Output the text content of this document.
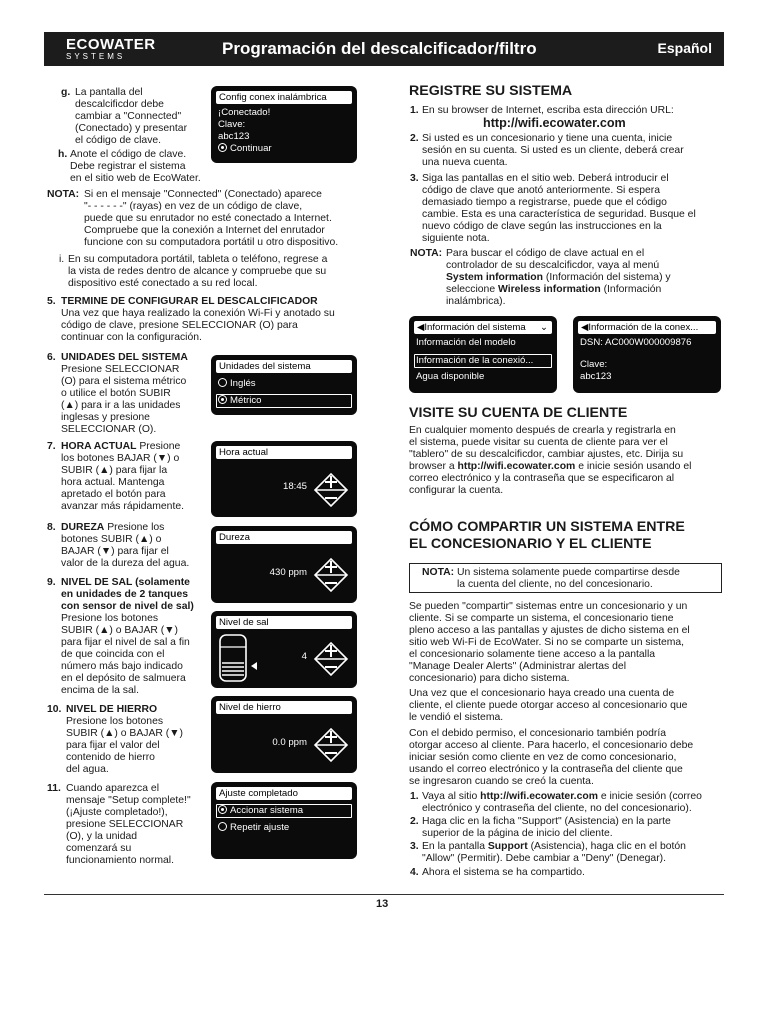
ECOWATER
SYSTEMS	Programación del descalcificador/filtro	Español
g. La pantalla del
descalcificdor debe
cambiar a "Connected"
(Conectado) y presentar
el código de clave.
h. Anote el código de clave.
Debe registrar el sistema
en el sitio web de EcoWater.
Config conex inalámbrica
¡Conectado!
Clave:
abc123
Continuar
NOTA: Si en el mensaje "Connected" (Conectado) aparece
"- - - - - -" (rayas) en vez de un código de clave,
puede que su enrutador no esté conectado a Internet.
Compruebe que la conexión a Internet del enrutador
funcione con su computadora portátil u otro dispositivo.
i. En su computadora portátil, tableta o teléfono, regrese a
la vista de redes dentro de alcance y compruebe que su
dispositivo esté conectado a su red local.
5. TERMINE DE CONFIGURAR EL DESCALCIFICADOR
Una vez que haya realizado la conexión Wi-Fi y anotado su
código de clave, presione SELECCIONAR (O) para
continuar con la configuración.
6. UNIDADES DEL SISTEMA
Presione SELECCIONAR
(O) para el sistema métrico
o utilice el botón SUBIR
(▲) para ir a las unidades
inglesas y presione
SELECCIONAR (O).
Unidades del sistema
Inglés
Métrico
7. HORA ACTUAL Presione
los botones BAJAR (▼) o
SUBIR (▲) para fijar la
hora actual. Mantenga
apretado el botón para
avanzar más rápidamente.
Hora actual
18:45
8. DUREZA Presione los
botones SUBIR (▲) o
BAJAR (▼) para fijar el
valor de la dureza del agua.
Dureza
430 ppm
9. NIVEL DE SAL (solamente
en unidades de 2 tanques
con sensor de nivel de sal)
Presione los botones
SUBIR (▲) o BAJAR (▼)
para fijar el nivel de sal a fin
de que coincida con el
número más bajo indicado
en el depósito de salmuera
encima de la sal.
Nivel de sal
4
10. NIVEL DE HIERRO
Presione los botones
SUBIR (▲) o BAJAR (▼)
para fijar el valor del
contenido de hierro
del agua.
Nivel de hierro
0.0 ppm
11. Cuando aparezca el
mensaje "Setup complete!"
(¡Ajuste completado!),
presione SELECCIONAR
(O), y la unidad
comenzará su
funcionamiento normal.
Ajuste completado
Accionar sistema
Repetir ajuste
REGISTRE SU SISTEMA
1. En su browser de Internet, escriba esta dirección URL:
http://wifi.ecowater.com
2. Si usted es un concesionario y tiene una cuenta, inicie
sesión en su cuenta. Si usted es un cliente, deberá crear
una nueva cuenta.
3. Siga las pantallas en el sitio web. Deberá introducir el
código de clave que anotó anteriormente. Si espera
demasiado tiempo a registrarse, puede que el código
cambie. Esta es una característica de seguridad. Busque el
nuevo código de clave según las instrucciones en la
siguiente nota.
NOTA: Para buscar el código de clave actual en el
controlador de su descalcificdor, vaya al menú
System information (Información del sistema) y
seleccione Wireless information (Información
inalámbrica).
◀Información del sistema ⌄
Información del modelo
Información de la conexió...
Agua disponible
◀Información de la conex...
DSN: AC000W000009876
Clave:
abc123
VISITE SU CUENTA DE CLIENTE
En cualquier momento después de crearla y registrarla en
el sistema, puede visitar su cuenta de cliente para ver el
"tablero" de su descalcificdor, cambiar ajustes, etc. Dirija su
browser a http://wifi.ecowater.com e inicie sesión usando el
correo electrónico y la contraseña que se especificaron al
configurar la cuenta.
CÓMO COMPARTIR UN SISTEMA ENTRE
EL CONCESIONARIO Y EL CLIENTE
NOTA: Un sistema solamente puede compartirse desde
la cuenta del cliente, no del concesionario.
Se pueden "compartir" sistemas entre un concesionario y un
cliente. Si se comparte un sistema, el concesionario tiene
pleno acceso a las pantallas y ajustes de dicho sistema en el
sitio web Wi-Fi de EcoWater. Si no se comparte un sistema,
el concesionario solamente tiene acceso a la pantalla
"Manage Dealer Alerts" (Administrar alertas del
concesionario) para dicho sistema.
Una vez que el concesionario haya creado una cuenta de
cliente, el cliente puede otorgar acceso al concesionario que
le vendió el sistema.
Con el debido permiso, el concesionario también podría
otorgar acceso al cliente. Para hacerlo, el concesionario debe
iniciar sesión como cliente en vez de como concesionario,
usando el correo electrónico y la contraseña del cliente que
se ingresaron cuando se creó la cuenta.
1. Vaya al sitio http://wifi.ecowater.com e inicie sesión (correo
electrónico y contraseña del cliente, no del concesionario).
2. Haga clic en la ficha "Support" (Asistencia) en la parte
superior de la página de inicio del cliente.
3. En la pantalla Support (Asistencia), haga clic en el botón
"Allow" (Permitir). Debe cambiar a "Deny" (Denegar).
4. Ahora el sistema se ha compartido.
13
